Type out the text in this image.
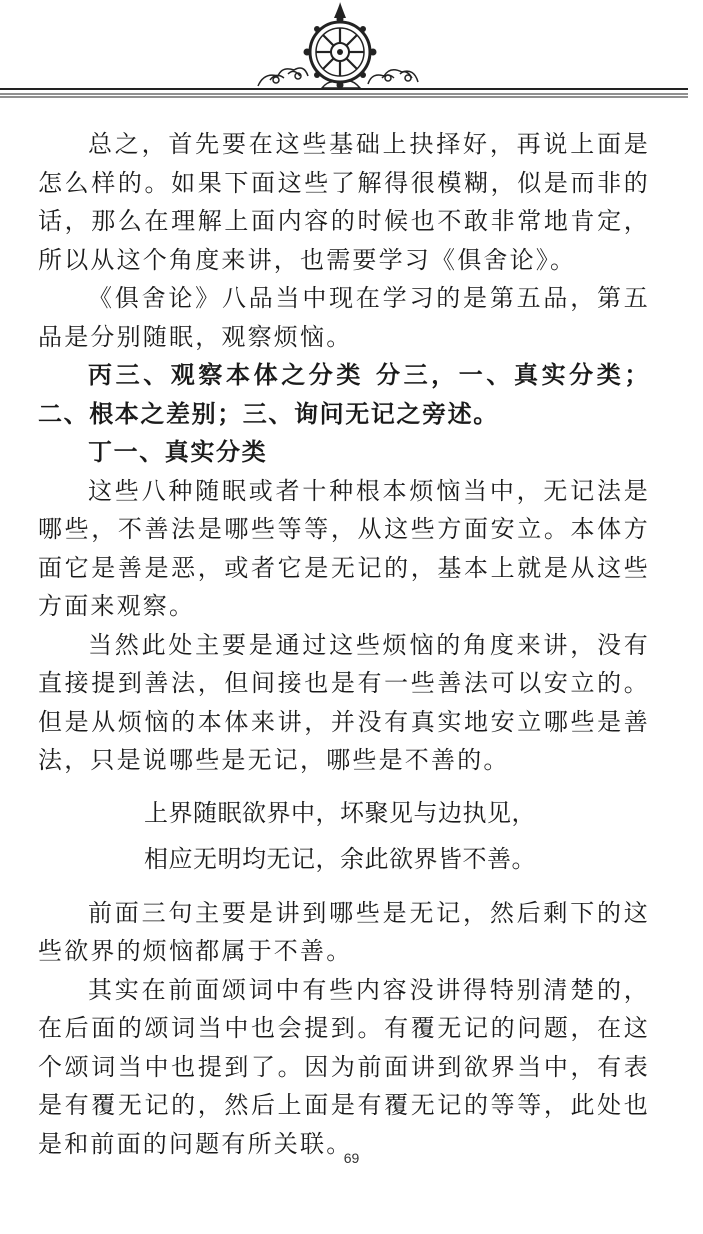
总之，首先要在这些基础上抉择好，再说上面是怎么样的。如果下面这些了解得很模糊，似是而非的话，那么在理解上面内容的时候也不敢非常地肯定，所以从这个角度来讲，也需要学习《俱舍论》。

《俱舍论》八品当中现在学习的是第五品，第五品是分别随眠，观察烦恼。

丙三、观察本体之分类 分三，一、真实分类；二、根本之差别；三、询问无记之旁述。

丁一、真实分类

这些八种随眠或者十种根本烦恼当中，无记法是哪些，不善法是哪些等等，从这些方面安立。本体方面它是善是恶，或者它是无记的，基本上就是从这些方面来观察。

当然此处主要是通过这些烦恼的角度来讲，没有直接提到善法，但间接也是有一些善法可以安立的。但是从烦恼的本体来讲，并没有真实地安立哪些是善法，只是说哪些是无记，哪些是不善的。

上界随眠欲界中，坏聚见与边执见，
相应无明均无记，余此欲界皆不善。

前面三句主要是讲到哪些是无记，然后剩下的这些欲界的烦恼都属于不善。

其实在前面颂词中有些内容没讲得特别清楚的，在后面的颂词当中也会提到。有覆无记的问题，在这个颂词当中也提到了。因为前面讲到欲界当中，有表是有覆无记的，然后上面是有覆无记的等等，此处也是和前面的问题有所关联。

69
